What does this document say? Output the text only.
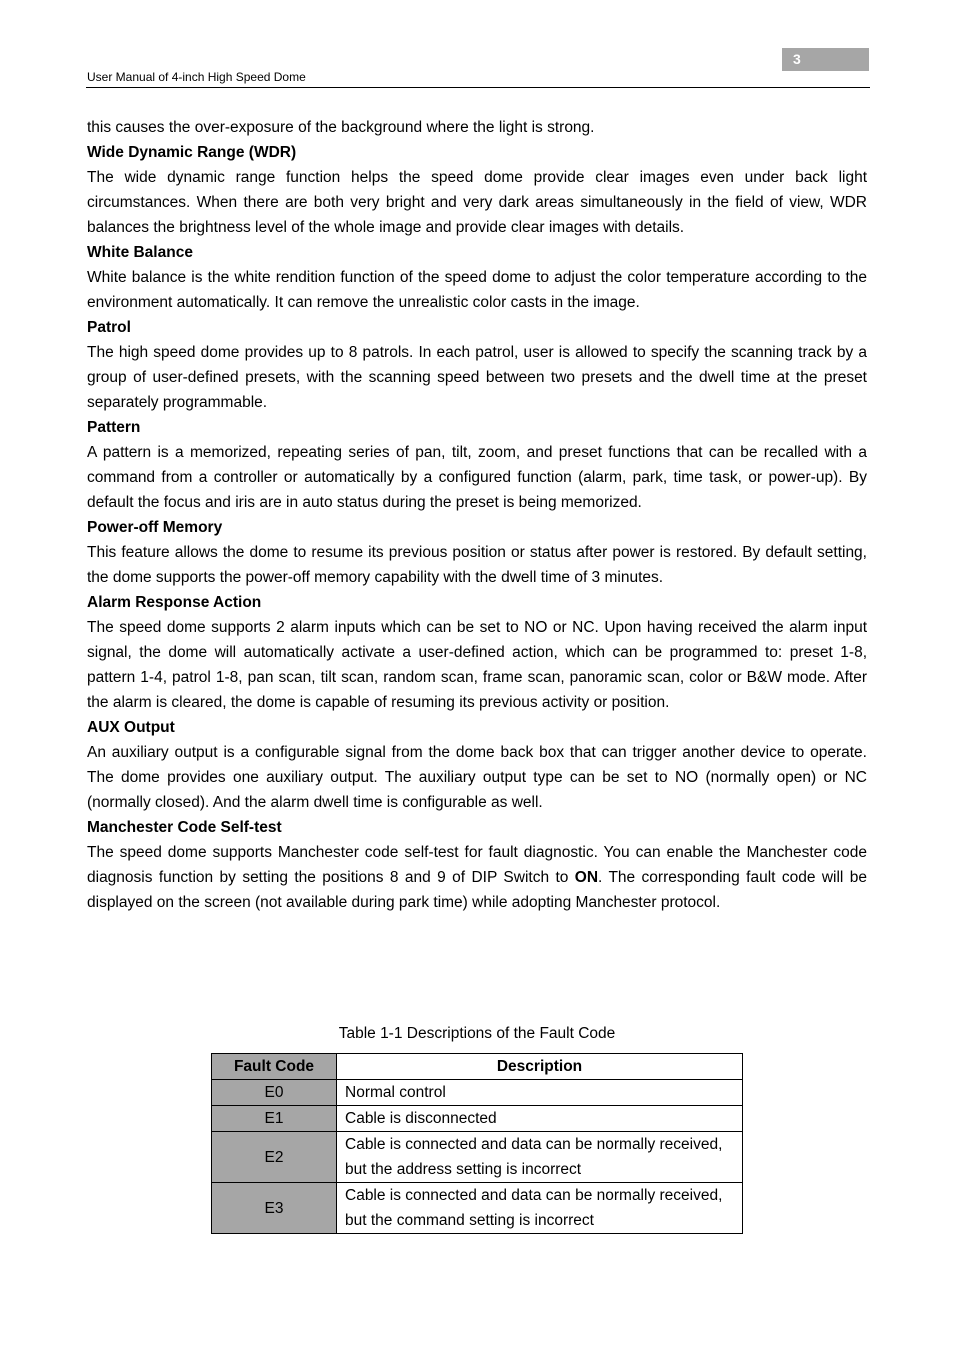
3
User Manual of 4-inch High Speed Dome

this causes the over-exposure of the background where the light is strong.

Wide Dynamic Range (WDR)

The wide dynamic range function helps the speed dome provide clear images even under back light circumstances. When there are both very bright and very dark areas simultaneously in the field of view, WDR balances the brightness level of the whole image and provide clear images with details.

White Balance

White balance is the white rendition function of the speed dome to adjust the color temperature according to the environment automatically. It can remove the unrealistic color casts in the image.

Patrol

The high speed dome provides up to 8 patrols. In each patrol, user is allowed to specify the scanning track by a group of user-defined presets, with the scanning speed between two presets and the dwell time at the preset separately programmable.

Pattern

A pattern is a memorized, repeating series of pan, tilt, zoom, and preset functions that can be recalled with a command from a controller or automatically by a configured function (alarm, park, time task, or power-up). By default the focus and iris are in auto status during the preset is being memorized.

Power-off Memory

This feature allows the dome to resume its previous position or status after power is restored. By default setting, the dome supports the power-off memory capability with the dwell time of 3 minutes.

Alarm Response Action

The speed dome supports 2 alarm inputs which can be set to NO or NC. Upon having received the alarm input signal, the dome will automatically activate a user-defined action, which can be programmed to: preset 1-8, pattern 1-4, patrol 1-8, pan scan, tilt scan, random scan, frame scan, panoramic scan, color or B&W mode. After the alarm is cleared, the dome is capable of resuming its previous activity or position.

AUX Output

An auxiliary output is a configurable signal from the dome back box that can trigger another device to operate. The dome provides one auxiliary output. The auxiliary output type can be set to NO (normally open) or NC (normally closed). And the alarm dwell time is configurable as well.

Manchester Code Self-test

The speed dome supports Manchester code self-test for fault diagnostic. You can enable the Manchester code diagnosis function by setting the positions 8 and 9 of DIP Switch to ON. The corresponding fault code will be displayed on the screen (not available during park time) while adopting Manchester protocol.

Table 1-1 Descriptions of the Fault Code
Fault Code	Description
E0	Normal control
E1	Cable is disconnected
E2	Cable is connected and data can be normally received, but the address setting is incorrect
E3	Cable is connected and data can be normally received, but the command setting is incorrect
